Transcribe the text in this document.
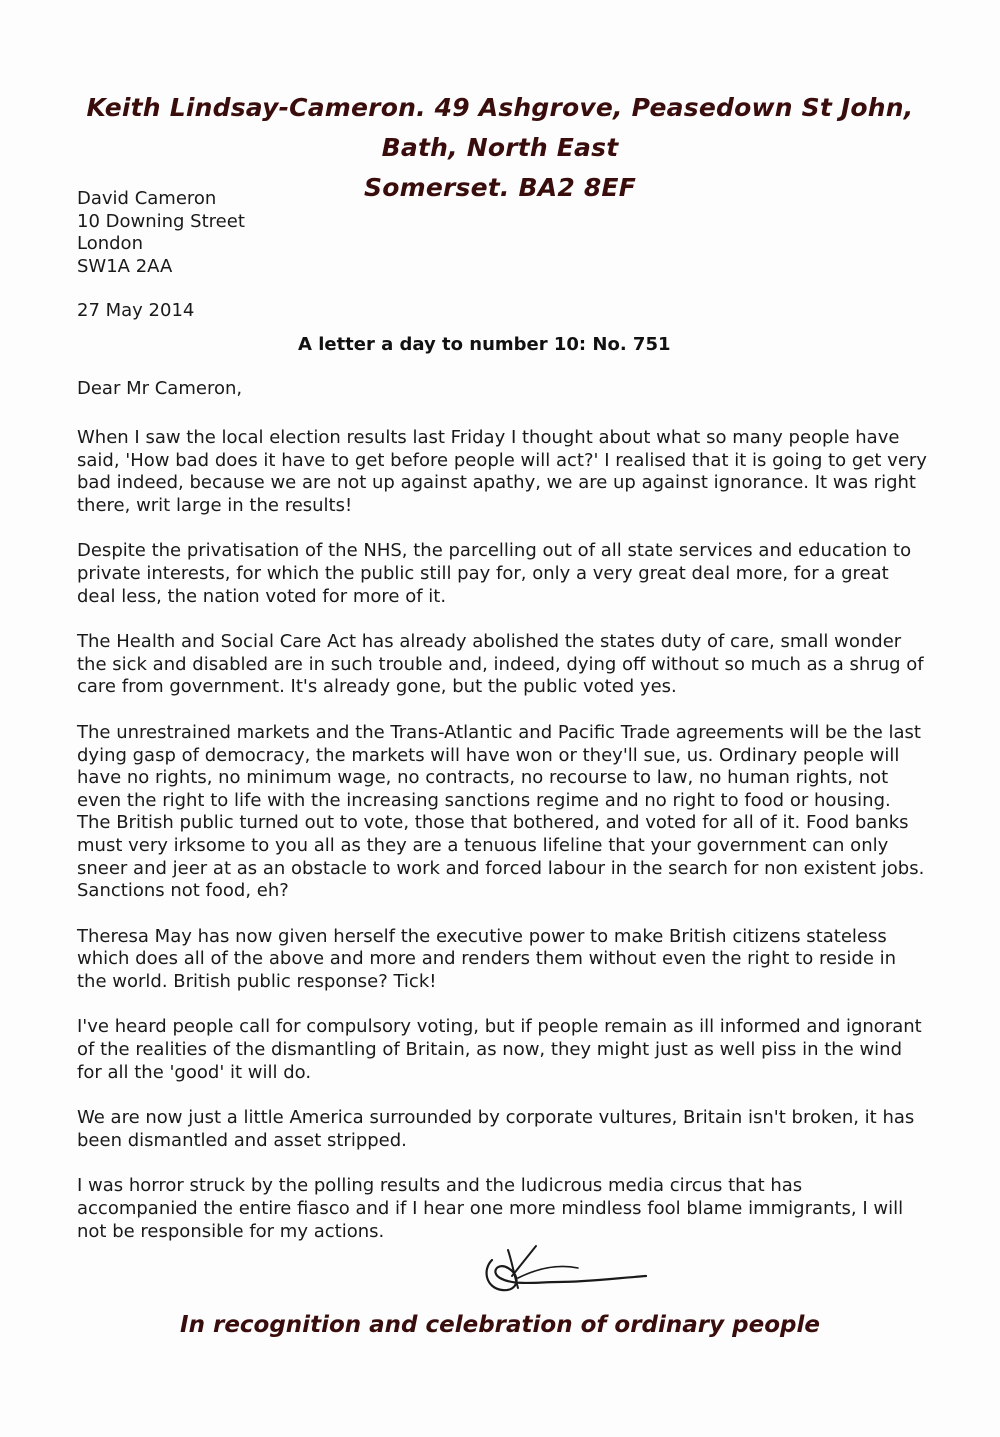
Keith Lindsay-Cameron. 49 Ashgrove, Peasedown St John, Bath, North East
Somerset. BA2 8EF
David Cameron
10 Downing Street
London
SW1A 2AA
27 May 2014
A letter a day to number 10: No. 751
Dear Mr Cameron,

When I saw the local election results last Friday I thought about what so many people have said, 'How bad does it have to get before people will act?' I realised that it is going to get very bad indeed, because we are not up against apathy, we are up against ignorance. It was right there, writ large in the results!

Despite the privatisation of the NHS, the parcelling out of all state services and education to private interests, for which the public still pay for, only a very great deal more, for a great deal less, the nation voted for more of it.

The Health and Social Care Act has already abolished the states duty of care, small wonder the sick and disabled are in such trouble and, indeed, dying off without so much as a shrug of care from government. It's already gone, but the public voted yes.

The unrestrained markets and the Trans-Atlantic and Pacific Trade agreements will be the last dying gasp of democracy, the markets will have won or they'll sue, us. Ordinary people will have no rights, no minimum wage, no contracts, no recourse to law, no human rights, not even the right to life with the increasing sanctions regime and no right to food or housing. The British public turned out to vote, those that bothered, and voted for all of it. Food banks must very irksome to you all as they are a tenuous lifeline that your government can only sneer and jeer at as an obstacle to work and forced labour in the search for non existent jobs. Sanctions not food, eh?

Theresa May has now given herself the executive power to make British citizens stateless which does all of the above and more and renders them without even the right to reside in the world. British public response? Tick!

I've heard people call for compulsory voting, but if people remain as ill informed and ignorant of the realities of the dismantling of Britain, as now, they might just as well piss in the wind for all the 'good' it will do.

We are now just a little America surrounded by corporate vultures, Britain isn't broken, it has been dismantled and asset stripped.

I was horror struck by the polling results and the ludicrous media circus that has accompanied the entire fiasco and if I hear one more mindless fool blame immigrants, I will not be responsible for my actions.

In recognition and celebration of ordinary people
